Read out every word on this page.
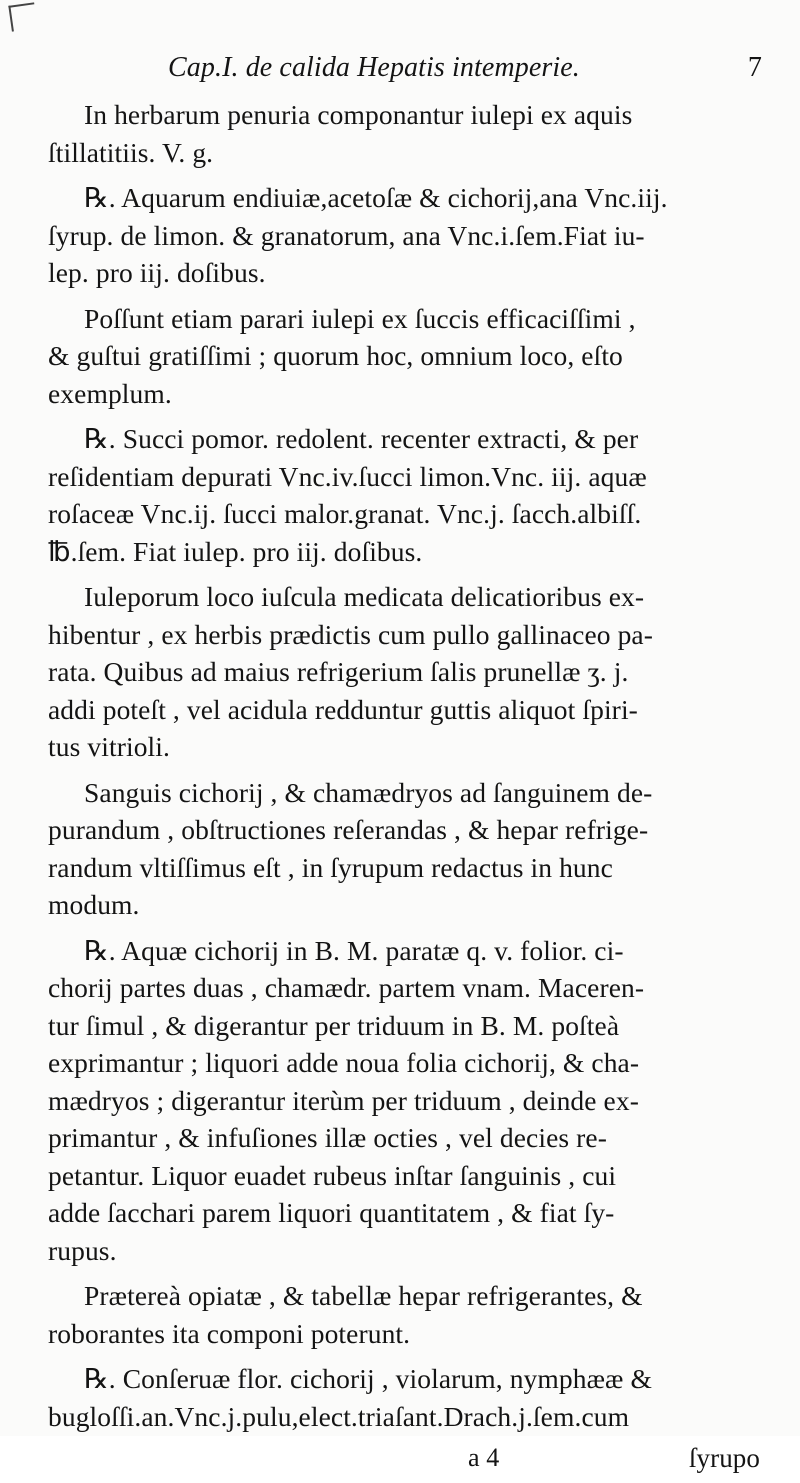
Cap.I. de calida Hepatis intemperie.	7
In herbarum penuria componantur iulepi ex aquis
ſtillatitiis. V. g.
℞. Aquarum endiuiæ,acetoſæ & cichorij,ana Vnc.iij.
ſyrup. de limon. & granatorum, ana Vnc.i.ſem.Fiat iu-
lep. pro iij. doſibus.
Poſſunt etiam parari iulepi ex ſuccis efficaciſſimi ,
& guſtui gratiſſimi ; quorum hoc, omnium loco, eſto
exemplum.
℞. Succi pomor. redolent. recenter extracti, & per
reſidentiam depurati Vnc.iv.ſucci limon.Vnc. iij. aquæ
roſaceæ Vnc.ij. ſucci malor.granat. Vnc.j. ſacch.albiſſ.
℔.ſem. Fiat iulep. pro iij. doſibus.
Iuleporum loco iuſcula medicata delicatioribus ex-
hibentur , ex herbis prædictis cum pullo gallinaceo pa-
rata. Quibus ad maius refrigerium ſalis prunellæ ʒ. j.
addi poteſt , vel acidula redduntur guttis aliquot ſpiri-
tus vitrioli.
Sanguis cichorij , & chamædryos ad ſanguinem de-
purandum , obſtructiones reſerandas , & hepar refrige-
randum vltiſſimus eſt , in ſyrupum redactus in hunc
modum.
℞. Aquæ cichorij in B. M. paratæ q. v. folior. ci-
chorij partes duas , chamædr. partem vnam. Maceren-
tur ſimul , & digerantur per triduum in B. M. poſteà
exprimantur ; liquori adde noua folia cichorij, & cha-
mædryos ; digerantur iterùm per triduum , deinde ex-
primantur , & infuſiones illæ octies , vel decies re-
petantur. Liquor euadet rubeus inſtar ſanguinis , cui
adde ſacchari parem liquori quantitatem , & fiat ſy-
rupus.
Prætereà opiatæ , & tabellæ hepar refrigerantes, &
roborantes ita componi poterunt.
℞. Conſeruæ flor. cichorij , violarum, nymphææ &
bugloſſi.an.Vnc.j.pulu,elect.triaſant.Drach.j.ſem.cum
a 4	ſyrupo
